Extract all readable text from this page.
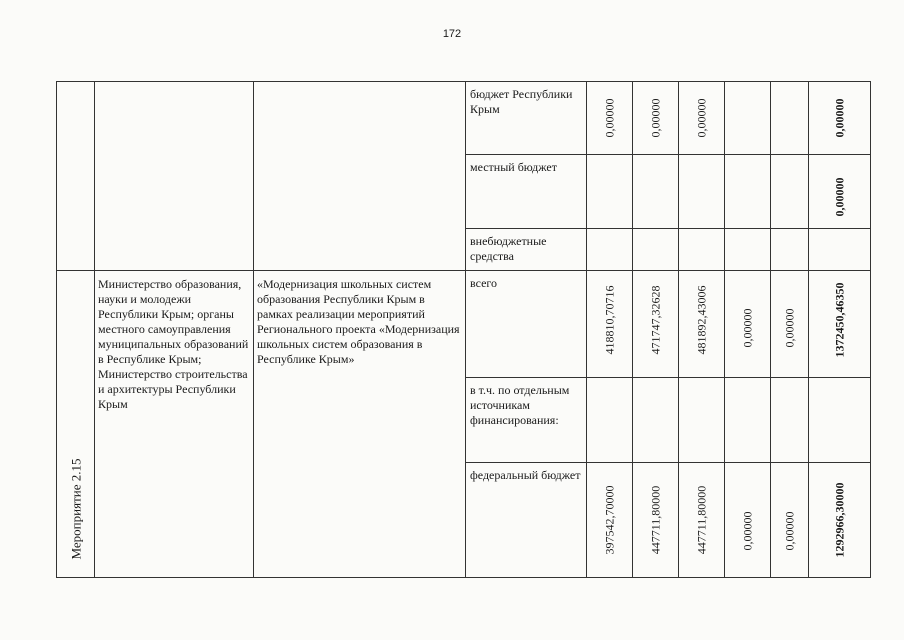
172

			бюджет Республики Крым	0,00000	0,00000	0,00000			0,00000

			местный бюджет						0,00000

			внебюджетные средства						

Мероприятие 2.15	Министерство образования, науки и молодежи Республики Крым; органы местного самоуправления муниципальных образований в Республике Крым; Министерство строительства и архитектуры Республики Крым	«Модернизация школьных систем образования Республики Крым в рамках реализации мероприятий Регионального проекта «Модернизация школьных систем образования в Республике Крым»	всего	418810,70716	471747,32628	481892,43006	0,00000	0,00000	1372450,46350

			в т.ч. по отдельным источникам финансирования:						

			федеральный бюджет	397542,70000	447711,80000	447711,80000	0,00000	0,00000	1292966,30000
